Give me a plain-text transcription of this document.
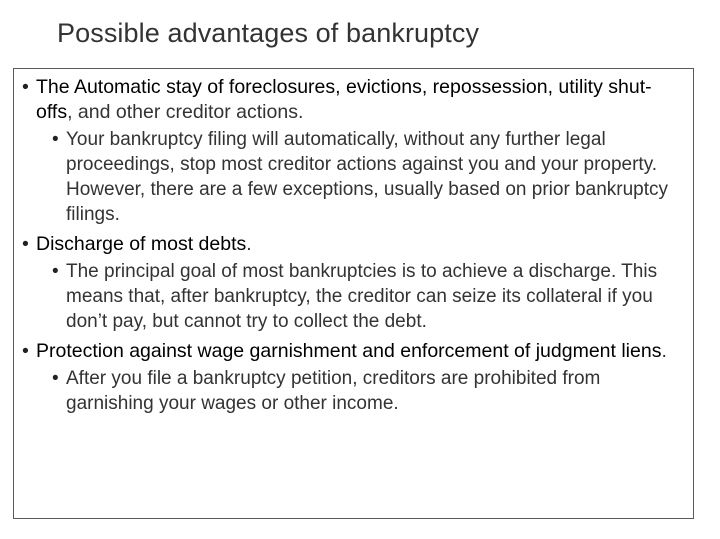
Possible advantages of bankruptcy
• The Automatic stay of foreclosures, evictions, repossession, utility shut-offs, and other creditor actions.
• Your bankruptcy filing will automatically, without any further legal proceedings, stop most creditor actions against you and your property. However, there are a few exceptions, usually based on prior bankruptcy filings.
• Discharge of most debts.
• The principal goal of most bankruptcies is to achieve a discharge. This means that, after bankruptcy, the creditor can seize its collateral if you don’t pay, but cannot try to collect the debt.
• Protection against wage garnishment and enforcement of judgment liens.
• After you file a bankruptcy petition, creditors are prohibited from garnishing your wages or other income.
